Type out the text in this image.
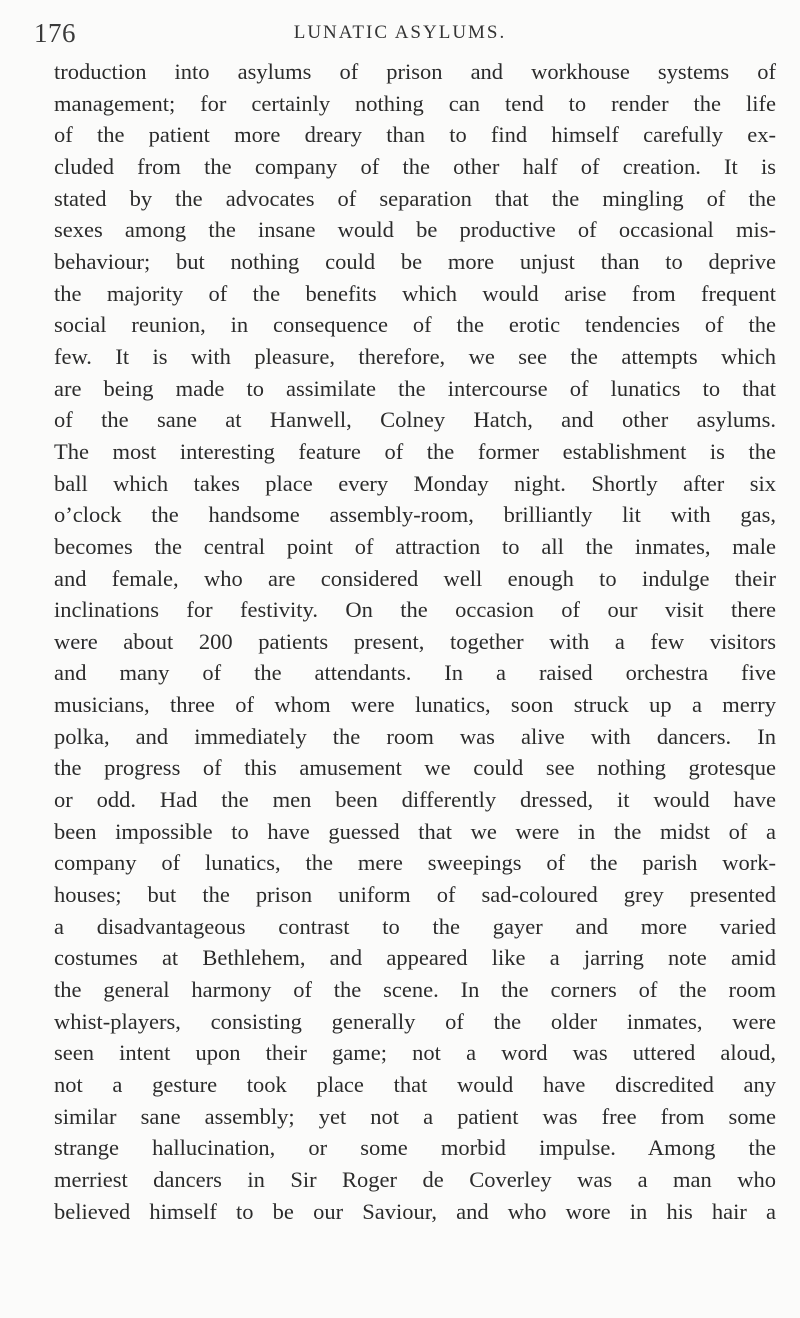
176	LUNATIC ASYLUMS.
troduction into asylums of prison and workhouse systems of
management; for certainly nothing can tend to render the life
of the patient more dreary than to find himself carefully ex-
cluded from the company of the other half of creation. It is
stated by the advocates of separation that the mingling of the
sexes among the insane would be productive of occasional mis-
behaviour; but nothing could be more unjust than to deprive
the majority of the benefits which would arise from frequent
social reunion, in consequence of the erotic tendencies of the
few. It is with pleasure, therefore, we see the attempts which
are being made to assimilate the intercourse of lunatics to that
of the sane at Hanwell, Colney Hatch, and other asylums.
The most interesting feature of the former establishment is the
ball which takes place every Monday night. Shortly after six
o’clock the handsome assembly-room, brilliantly lit with gas,
becomes the central point of attraction to all the inmates, male
and female, who are considered well enough to indulge their
inclinations for festivity. On the occasion of our visit there
were about 200 patients present, together with a few visitors
and many of the attendants. In a raised orchestra five
musicians, three of whom were lunatics, soon struck up a merry
polka, and immediately the room was alive with dancers. In
the progress of this amusement we could see nothing grotesque
or odd. Had the men been differently dressed, it would have
been impossible to have guessed that we were in the midst of a
company of lunatics, the mere sweepings of the parish work-
houses; but the prison uniform of sad-coloured grey presented
a disadvantageous contrast to the gayer and more varied
costumes at Bethlehem, and appeared like a jarring note amid
the general harmony of the scene. In the corners of the room
whist-players, consisting generally of the older inmates, were
seen intent upon their game; not a word was uttered aloud,
not a gesture took place that would have discredited any
similar sane assembly; yet not a patient was free from some
strange hallucination, or some morbid impulse. Among the
merriest dancers in Sir Roger de Coverley was a man who
believed himself to be our Saviour, and who wore in his hair a
